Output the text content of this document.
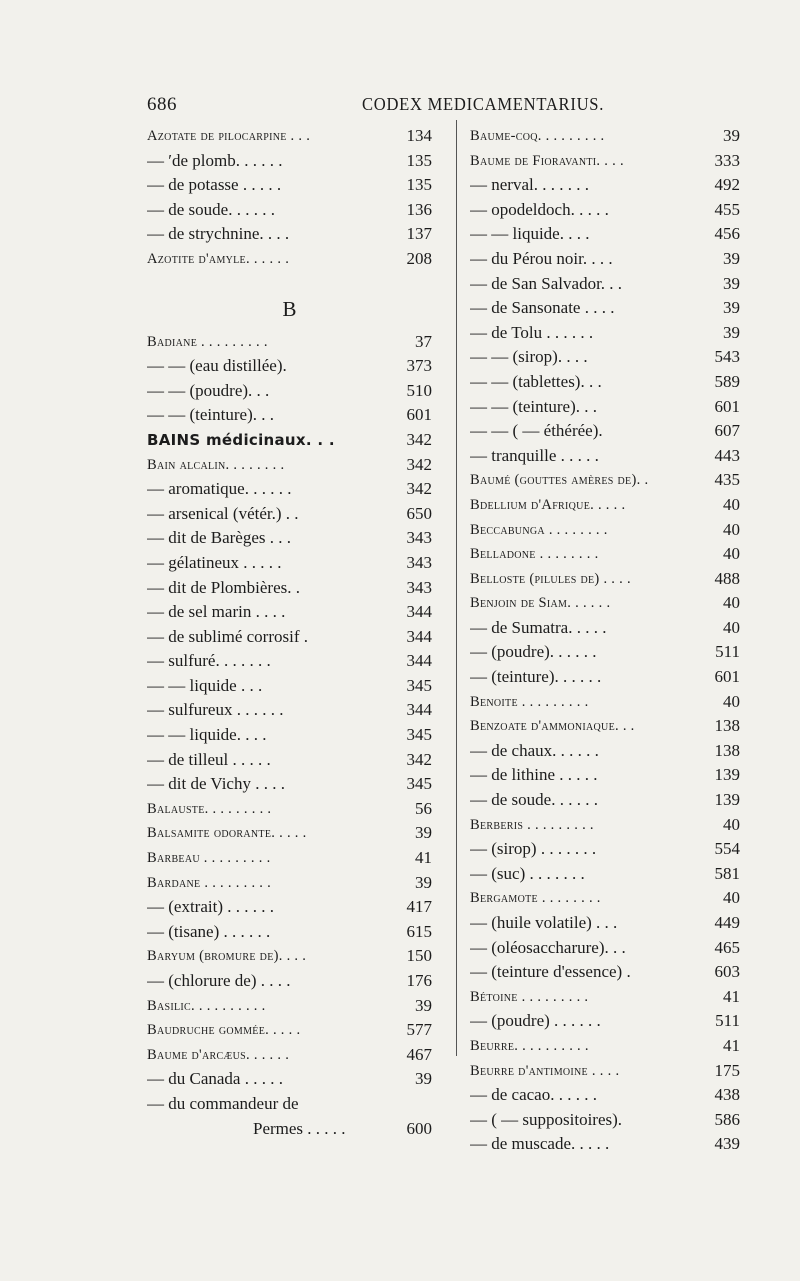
686	CODEX MEDICAMENTARIUS.
Azotate de pilocarpine . . .	134
— ′de plomb. . . . . .	135
— de potasse . . . . .	135
— de soude. . . . . .	136
— de strychnine. . . .	137
Azotite d'amyle. . . . . .	208
B
Badiane . . . . . . . . .	37
— — (eau distillée).	373
— — (poudre). . .	510
— — (teinture). . .	601
BAINS médicinaux. . .	342
Bain alcalin. . . . . . . .	342
— aromatique. . . . . .	342
— arsenical (vétér.) . .	650
— dit de Barèges . . .	343
— gélatineux . . . . .	343
— dit de Plombières. .	343
— de sel marin . . . .	344
— de sublimé corrosif .	344
— sulfuré. . . . . . .	344
— — liquide . . .	345
— sulfureux . . . . . .	344
— — liquide. . . .	345
— de tilleul . . . . .	342
— dit de Vichy . . . .	345
Balauste. . . . . . . . .	56
Balsamite odorante. . . . .	39
Barbeau . . . . . . . . .	41
Bardane . . . . . . . . .	39
— (extrait) . . . . . .	417
— (tisane) . . . . . .	615
Baryum (bromure de). . . .	150
— (chlorure de) . . . .	176
Basilic. . . . . . . . . .	39
Baudruche gommée. . . . .	577
Baume d'arcæus. . . . . .	467
— du Canada . . . . .	39
— du commandeur de
Permes . . . . .	600
Baume-coq. . . . . . . . .	39
Baume de Fioravanti. . . .	333
— nerval. . . . . . .	492
— opodeldoch. . . . .	455
— — liquide. . . .	456
— du Pérou noir. . . .	39
— de San Salvador. . .	39
— de Sansonate . . . .	39
— de Tolu . . . . . .	39
— — (sirop). . . .	543
— — (tablettes). . .	589
— — (teinture). . .	601
— — ( — éthérée).	607
— tranquille . . . . .	443
Baumé (gouttes amères de). .	435
Bdellium d'Afrique. . . . .	40
Beccabunga . . . . . . . .	40
Belladone . . . . . . . .	40
Belloste (pilules de) . . . .	488
Benjoin de Siam. . . . . .	40
— de Sumatra. . . . .	40
— (poudre). . . . . .	511
— (teinture). . . . . .	601
Benoite . . . . . . . . .	40
Benzoate d'ammoniaque. . .	138
— de chaux. . . . . .	138
— de lithine . . . . .	139
— de soude. . . . . .	139
Berberis . . . . . . . . .	40
— (sirop) . . . . . . .	554
— (suc) . . . . . . .	581
Bergamote . . . . . . . .	40
— (huile volatile) . . .	449
— (oléosaccharure). . .	465
— (teinture d'essence) .	603
Bétoine . . . . . . . . .	41
— (poudre) . . . . . .	511
Beurre. . . . . . . . . .	41
Beurre d'antimoine . . . .	175
— de cacao. . . . . .	438
— ( — suppositoires).	586
— de muscade. . . . .	439
